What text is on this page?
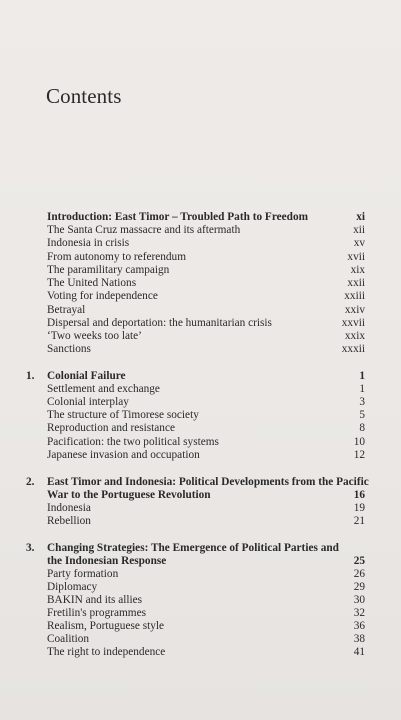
Contents
Introduction: East Timor – Troubled Path to Freedom	xi
The Santa Cruz massacre and its aftermath	xii
Indonesia in crisis	xv
From autonomy to referendum	xvii
The paramilitary campaign	xix
The United Nations	xxii
Voting for independence	xxiii
Betrayal	xxiv
Dispersal and deportation: the humanitarian crisis	xxvii
‘Two weeks too late’	xxix
Sanctions	xxxii
1. Colonial Failure	1
Settlement and exchange	1
Colonial interplay	3
The structure of Timorese society	5
Reproduction and resistance	8
Pacification: the two political systems	10
Japanese invasion and occupation	12
2. East Timor and Indonesia: Political Developments from the Pacific
War to the Portuguese Revolution	16
Indonesia	19
Rebellion	21
3. Changing Strategies: The Emergence of Political Parties and
the Indonesian Response	25
Party formation	26
Diplomacy	29
BAKIN and its allies	30
Fretilin's programmes	32
Realism, Portuguese style	36
Coalition	38
The right to independence	41
